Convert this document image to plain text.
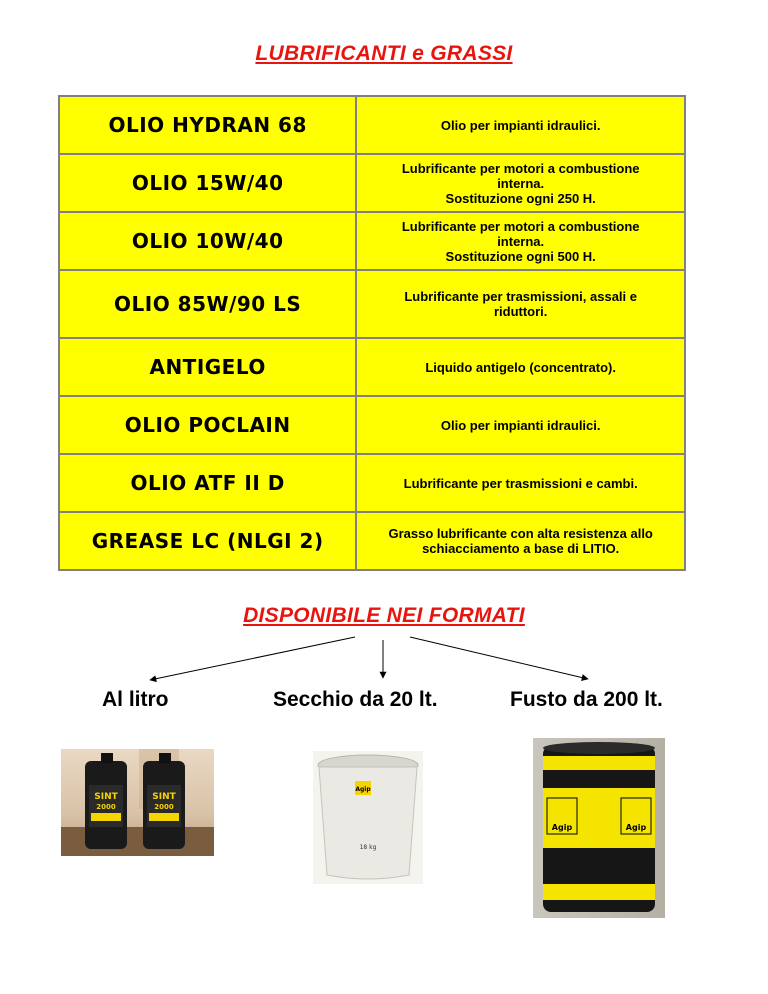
LUBRIFICANTI e GRASSI
OLIO HYDRAN 68	Olio per impianti idraulici.

OLIO 15W/40	Lubrificante per motori a combustione
interna.
Sostituzione ogni 250 H.

OLIO 10W/40	Lubrificante per motori a combustione
interna.
Sostituzione ogni 500 H.

OLIO 85W/90 LS	Lubrificante per trasmissioni, assali e
riduttori.

ANTIGELO	Liquido antigelo (concentrato).

OLIO POCLAIN	Olio per impianti idraulici.

OLIO ATF II D	Lubrificante per trasmissioni e cambi.

GREASE LC (NLGI 2)	Grasso lubrificante con alta resistenza allo
schiacciamento a base di LITIO.
DISPONIBILE NEI FORMATI
Al litro	Secchio da 20 lt.	Fusto da 200 lt.
SINT
2000
SINT
2000
Agip
18 kg
Agip	Agip
